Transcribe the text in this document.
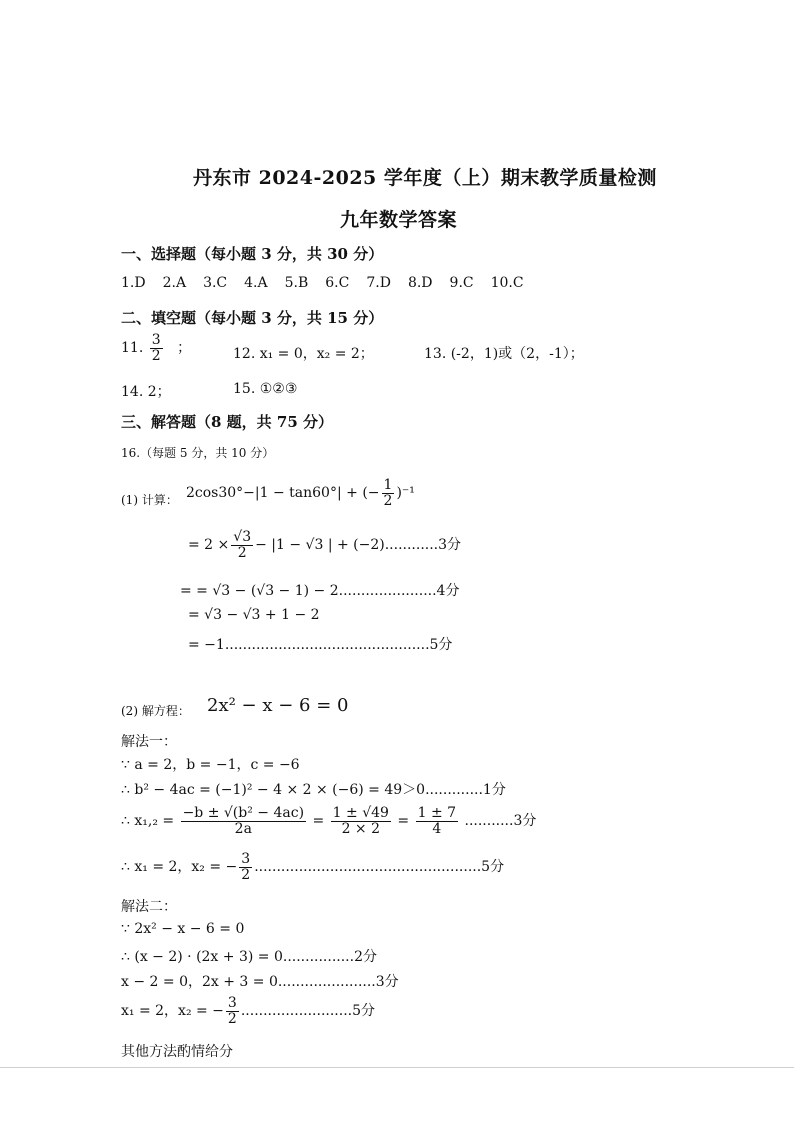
丹东市 2024-2025 学年度（上）期末教学质量检测
九年数学答案
一、选择题（每小题 3 分，共 30 分）
1.D 2.A 3.C 4.A 5.B 6.C 7.D 8.D 9.C 10.C
二、填空题（每小题 3 分，共 15 分）
11. $\frac{3}{2}$ ；	12. x₁ = 0，x₂ = 2；	13. (-2，1)或（2，-1）；
14. 2；	15. ①②③
三、解答题（8 题，共 75 分）
16.（每题 5 分，共 10 分）
(1) 计算： 2cos30°−|1 − tan60°| + (− $\frac{1}{2} )^{-1}$
= $2 \times \frac{√3}{2} - |1 - √3$ | + (−2)............3分
= = √3 − (√3 − 1) − 2......................4分
= √3 − √3 + 1 − 2
= −1..............................................5分
(2) 解方程： 2x² − x − 6 = 0
解法一：
∵ a = 2，b = −1，c = −6
∴ b² − 4ac = (−1)² − 4 × 2 × (−6) = 49＞0.............1分
∴ $x_1,_2 = \frac{\text{−b ± √(b² − 4ac)}}{2a} = \frac{1 \pm √49}{2 \times 2} = \frac{1 \pm 7}{4} ...........3$分
∴ x₁ = 2，x₂ = − $\frac{3}{2} ...................................................5$分
解法二：
∵ 2x² − x − 6 = 0
∴ (x − 2) · (2x + 3) = 0................2分
x − 2 = 0，2x + 3 = 0......................3分
x₁ = 2，x₂ = − $\frac{3}{2} .........................5$分
其他方法酌情给分
